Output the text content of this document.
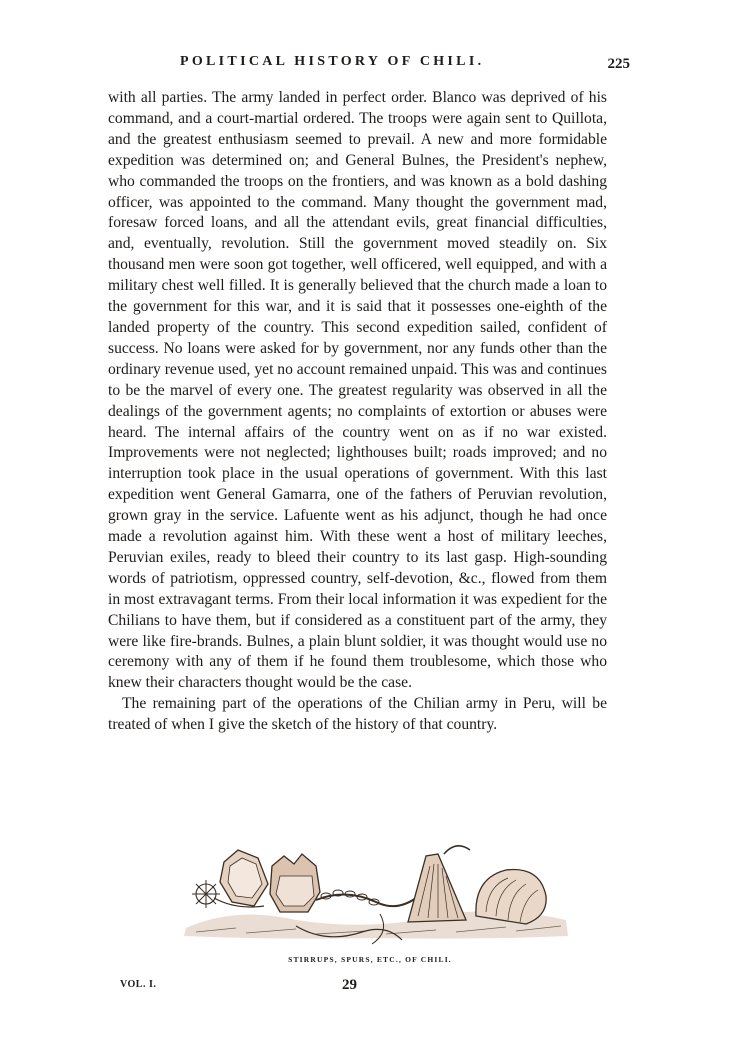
POLITICAL HISTORY OF CHILI.	225

with all parties. The army landed in perfect order. Blanco was deprived of his command, and a court-martial ordered. The troops were again sent to Quillota, and the greatest enthusiasm seemed to prevail. A new and more formidable expedition was determined on; and General Bulnes, the President's nephew, who commanded the troops on the frontiers, and was known as a bold dashing officer, was appointed to the command. Many thought the government mad, foresaw forced loans, and all the attendant evils, great financial difficulties, and, eventually, revolution. Still the government moved steadily on. Six thousand men were soon got together, well officered, well equipped, and with a military chest well filled. It is generally believed that the church made a loan to the government for this war, and it is said that it possesses one-eighth of the landed property of the country. This second expedition sailed, confident of success. No loans were asked for by government, nor any funds other than the ordinary revenue used, yet no account remained unpaid. This was and continues to be the marvel of every one. The greatest regularity was observed in all the dealings of the government agents; no complaints of extortion or abuses were heard. The internal affairs of the country went on as if no war existed. Improvements were not neglected; lighthouses built; roads improved; and no interruption took place in the usual operations of government. With this last expedition went General Gamarra, one of the fathers of Peruvian revolution, grown gray in the service. Lafuente went as his adjunct, though he had once made a revolution against him. With these went a host of military leeches, Peruvian exiles, ready to bleed their country to its last gasp. High-sounding words of patriotism, oppressed country, self-devotion, &c., flowed from them in most extravagant terms. From their local information it was expedient for the Chilians to have them, but if considered as a constituent part of the army, they were like fire-brands. Bulnes, a plain blunt soldier, it was thought would use no ceremony with any of them if he found them troublesome, which those who knew their characters thought would be the case.

The remaining part of the operations of the Chilian army in Peru, will be treated of when I give the sketch of the history of that country.

STIRRUPS, SPURS, ETC., OF CHILI.
VOL. I.	29
